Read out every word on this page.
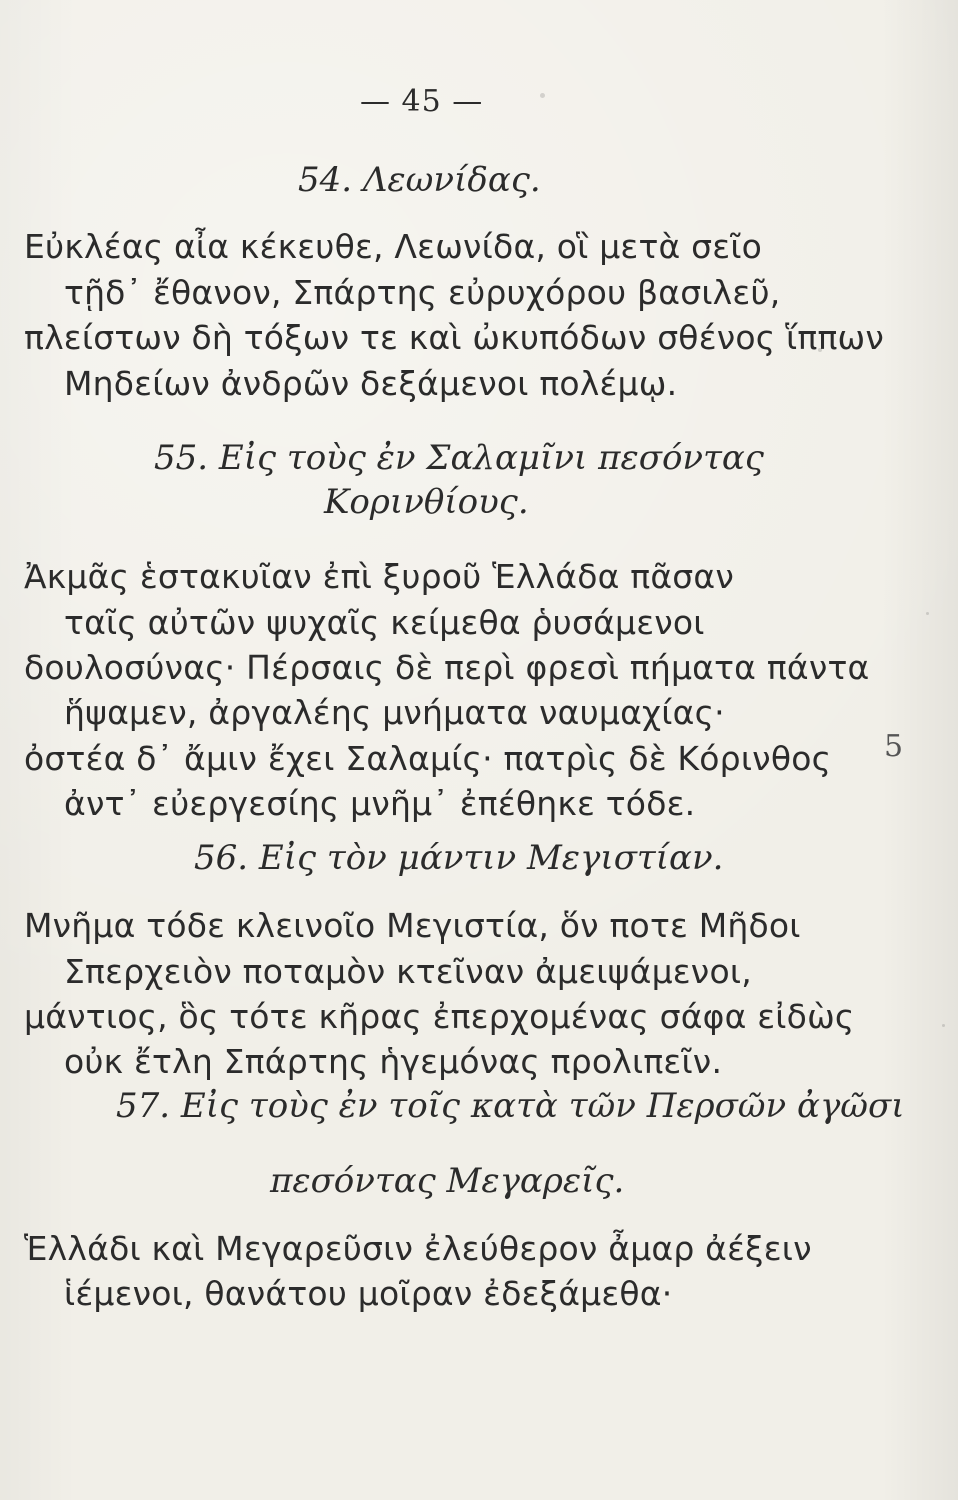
— 45 —
54. Λεωνίδας.
Εὐκλέας αἶα κέκευθε, Λεωνίδα, οἳ μετὰ σεῖο
τῇδ᾽ ἔθανον, Σπάρτης εὐρυχόρου βασιλεῦ,
πλείστων δὴ τόξων τε καὶ ὠκυπόδων σθένος ἵππων
Μηδείων ἀνδρῶν δεξάμενοι πολέμῳ.
55. Εἰς τοὺς ἐν Σαλαμῖνι πεσόντας
Κορινθίους.
Ἀκμᾶς ἑστακυῖαν ἐπὶ ξυροῦ Ἑλλάδα πᾶσαν
ταῖς αὐτῶν ψυχαῖς κείμεθα ῥυσάμενοι
δουλοσύνας· Πέρσαις δὲ περὶ φρεσὶ πήματα πάντα
ἥψαμεν, ἀργαλέης μνήματα ναυμαχίας·
ὀστέα δ᾽ ἄμιν ἔχει Σαλαμίς· πατρὶς δὲ Κόρινθος
ἀντ᾽ εὐεργεσίης μνῆμ᾽ ἐπέθηκε τόδε.
56. Εἰς τὸν μάντιν Μεγιστίαν.
Μνῆμα τόδε κλεινοῖο Μεγιστία, ὅν ποτε Μῆδοι
Σπερχειὸν ποταμὸν κτεῖναν ἀμειψάμενοι,
μάντιος, ὃς τότε κῆρας ἐπερχομένας σάφα εἰδὼς
οὐκ ἔτλη Σπάρτης ἡγεμόνας προλιπεῖν.
57. Εἰς τοὺς ἐν τοῖς κατὰ τῶν Περσῶν ἀγῶσι
πεσόντας Μεγαρεῖς.
Ἑλλάδι καὶ Μεγαρεῦσιν ἐλεύθερον ἆμαρ ἀέξειν
ἱέμενοι, θανάτου μοῖραν ἐδεξάμεθα·
5
